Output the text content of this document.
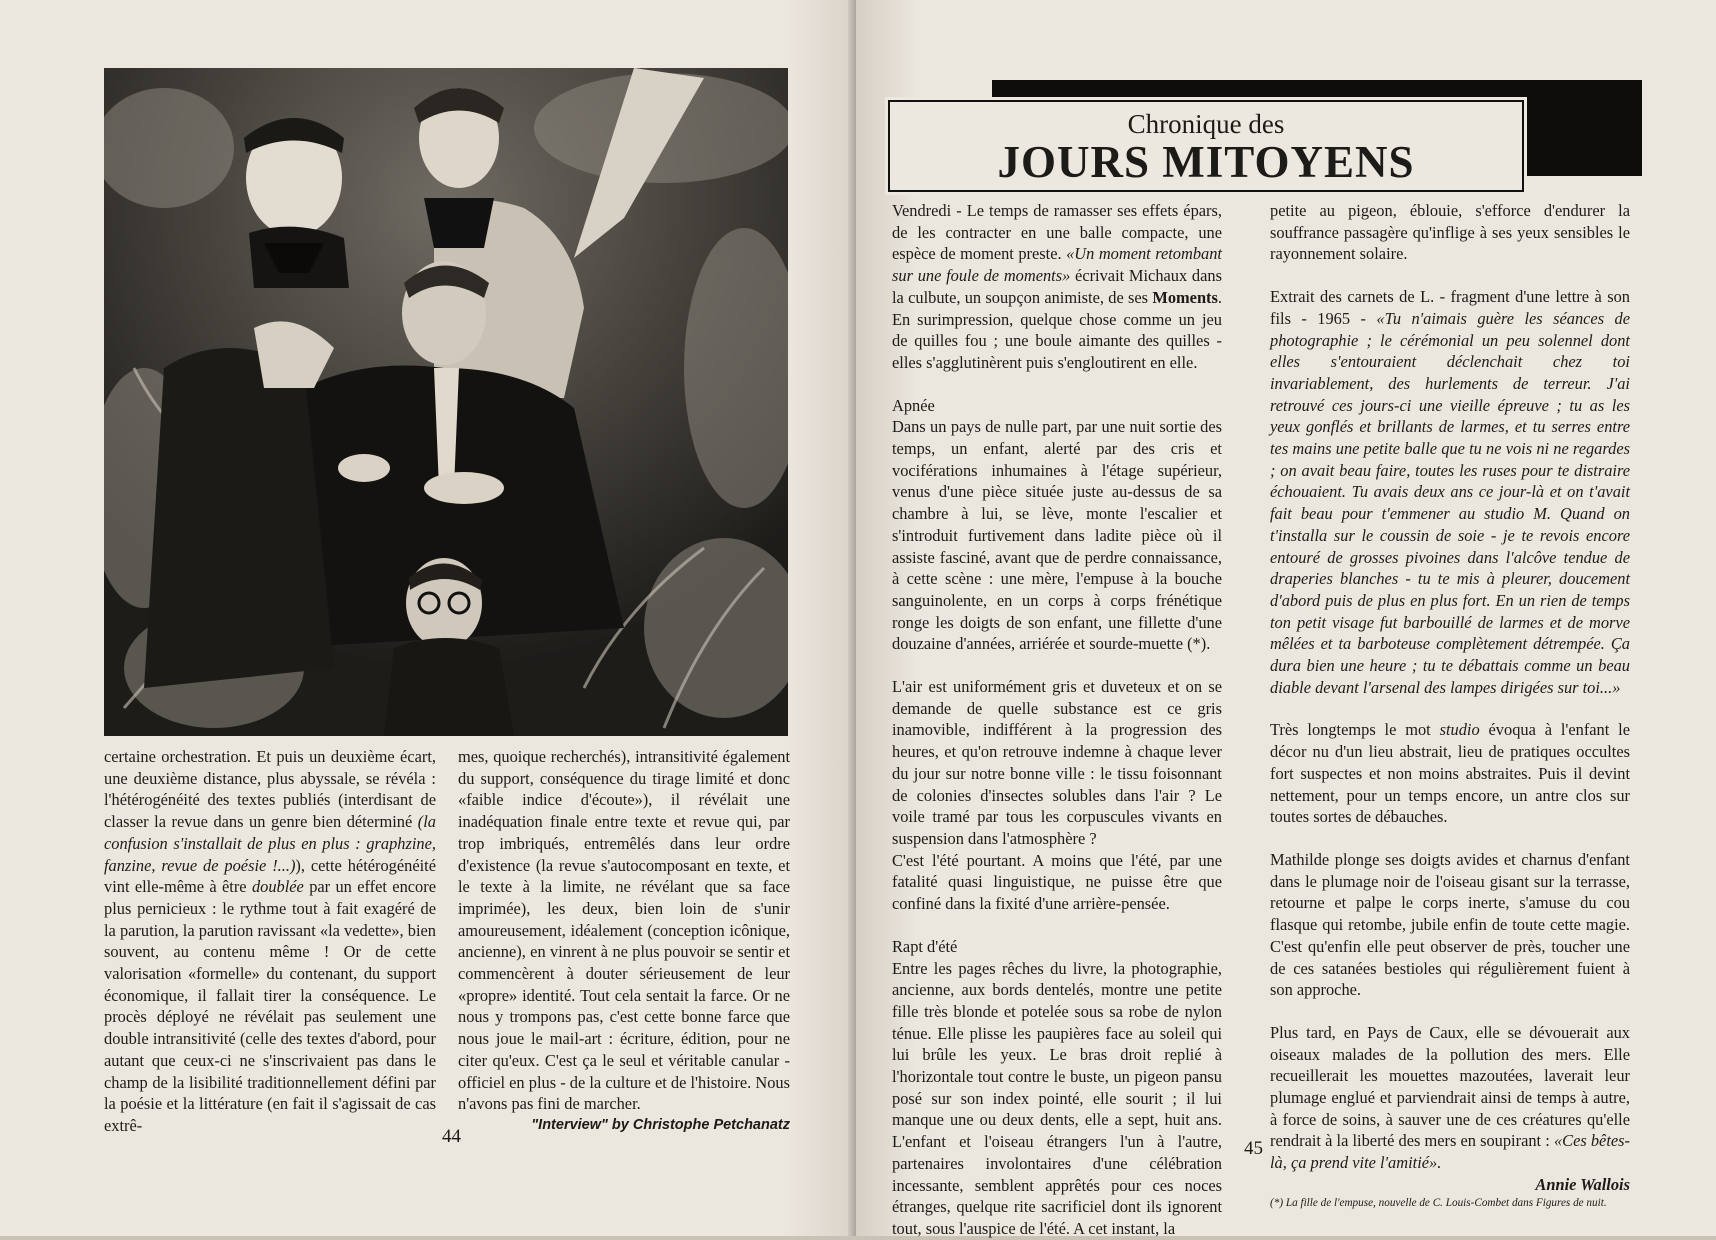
certaine orchestration. Et puis un deuxième écart, une deuxième distance, plus abyssale, se révéla : l'hétérogénéité des textes publiés (interdisant de classer la revue dans un genre bien déterminé (la confusion s'installait de plus en plus : graphzine, fanzine, revue de poésie !...)), cette hétérogénéité vint elle-même à être doublée par un effet encore plus pernicieux : le rythme tout à fait exagéré de la parution, la parution ravissant «la vedette», bien souvent, au contenu même ! Or de cette valorisation «formelle» du contenant, du support économique, il fallait tirer la conséquence. Le procès déployé ne révélait pas seulement une double intransitivité (celle des textes d'abord, pour autant que ceux-ci ne s'inscrivaient pas dans le champ de la lisibilité traditionnellement défini par la poésie et la littérature (en fait il s'agissait de cas extrê-

mes, quoique recherchés), intransitivité également du support, conséquence du tirage limité et donc «faible indice d'écoute»), il révélait une inadéquation finale entre texte et revue qui, par trop imbriqués, entremêlés dans leur ordre d'existence (la revue s'autocomposant en texte, et le texte à la limite, ne révélant que sa face imprimée), les deux, bien loin de s'unir amoureusement, idéalement (conception icônique, ancienne), en vinrent à ne plus pouvoir se sentir et commencèrent à douter sérieusement de leur «propre» identité. Tout cela sentait la farce. Or ne nous y trompons pas, c'est cette bonne farce que nous joue le mail-art : écriture, édition, pour ne citer qu'eux. C'est ça le seul et véritable canular - officiel en plus - de la culture et de l'histoire. Nous n'avons pas fini de marcher.

"Interview" by Christophe Petchanatz

44
Chronique des
JOURS MITOYENS

Vendredi - Le temps de ramasser ses effets épars, de les contracter en une balle compacte, une espèce de moment preste. «Un moment retombant sur une foule de moments» écrivait Michaux dans la culbute, un soupçon animiste, de ses Moments. En surimpression, quelque chose comme un jeu de quilles fou ; une boule aimante des quilles - elles s'agglutinèrent puis s'engloutirent en elle.

Apnée

Dans un pays de nulle part, par une nuit sortie des temps, un enfant, alerté par des cris et vociférations inhumaines à l'étage supérieur, venus d'une pièce située juste au-dessus de sa chambre à lui, se lève, monte l'escalier et s'introduit furtivement dans ladite pièce où il assiste fasciné, avant que de perdre connaissance, à cette scène : une mère, l'empuse à la bouche sanguinolente, en un corps à corps frénétique ronge les doigts de son enfant, une fillette d'une douzaine d'années, arriérée et sourde-muette (*).

L'air est uniformément gris et duveteux et on se demande de quelle substance est ce gris inamovible, indifférent à la progression des heures, et qu'on retrouve indemne à chaque lever du jour sur notre bonne ville : le tissu foisonnant de colonies d'insectes solubles dans l'air ? Le voile tramé par tous les corpuscules vivants en suspension dans l'atmosphère ?

C'est l'été pourtant. A moins que l'été, par une fatalité quasi linguistique, ne puisse être que confiné dans la fixité d'une arrière-pensée.

Rapt d'été

Entre les pages rêches du livre, la photographie, ancienne, aux bords dentelés, montre une petite fille très blonde et potelée sous sa robe de nylon ténue. Elle plisse les paupières face au soleil qui lui brûle les yeux. Le bras droit replié à l'horizontale tout contre le buste, un pigeon pansu posé sur son index pointé, elle sourit ; il lui manque une ou deux dents, elle a sept, huit ans. L'enfant et l'oiseau étrangers l'un à l'autre, partenaires involontaires d'une célébration incessante, semblent apprêtés pour ces noces étranges, quelque rite sacrificiel dont ils ignorent tout, sous l'auspice de l'été. A cet instant, la

petite au pigeon, éblouie, s'efforce d'endurer la souffrance passagère qu'inflige à ses yeux sensibles le rayonnement solaire.

Extrait des carnets de L. - fragment d'une lettre à son fils - 1965 - «Tu n'aimais guère les séances de photographie ; le cérémonial un peu solennel dont elles s'entouraient déclenchait chez toi invariablement, des hurlements de terreur. J'ai retrouvé ces jours-ci une vieille épreuve ; tu as les yeux gonflés et brillants de larmes, et tu serres entre tes mains une petite balle que tu ne vois ni ne regardes ; on avait beau faire, toutes les ruses pour te distraire échouaient. Tu avais deux ans ce jour-là et on t'avait fait beau pour t'emmener au studio M. Quand on t'installa sur le coussin de soie - je te revois encore entouré de grosses pivoines dans l'alcôve tendue de draperies blanches - tu te mis à pleurer, doucement d'abord puis de plus en plus fort. En un rien de temps ton petit visage fut barbouillé de larmes et de morve mêlées et ta barboteuse complètement détrempée. Ça dura bien une heure ; tu te débattais comme un beau diable devant l'arsenal des lampes dirigées sur toi...»

Très longtemps le mot studio évoqua à l'enfant le décor nu d'un lieu abstrait, lieu de pratiques occultes fort suspectes et non moins abstraites. Puis il devint nettement, pour un temps encore, un antre clos sur toutes sortes de débauches.

Mathilde plonge ses doigts avides et charnus d'enfant dans le plumage noir de l'oiseau gisant sur la terrasse, retourne et palpe le corps inerte, s'amuse du cou flasque qui retombe, jubile enfin de toute cette magie. C'est qu'enfin elle peut observer de près, toucher une de ces satanées bestioles qui régulièrement fuient à son approche.

Plus tard, en Pays de Caux, elle se dévouerait aux oiseaux malades de la pollution des mers. Elle recueillerait les mouettes mazoutées, laverait leur plumage englué et parviendrait ainsi de temps à autre, à force de soins, à sauver une de ces créatures qu'elle rendrait à la liberté des mers en soupirant : «Ces bêtes-là, ça prend vite l'amitié».

Annie Wallois

(*) La fille de l'empuse, nouvelle de C. Louis-Combet dans Figures de nuit.

45
